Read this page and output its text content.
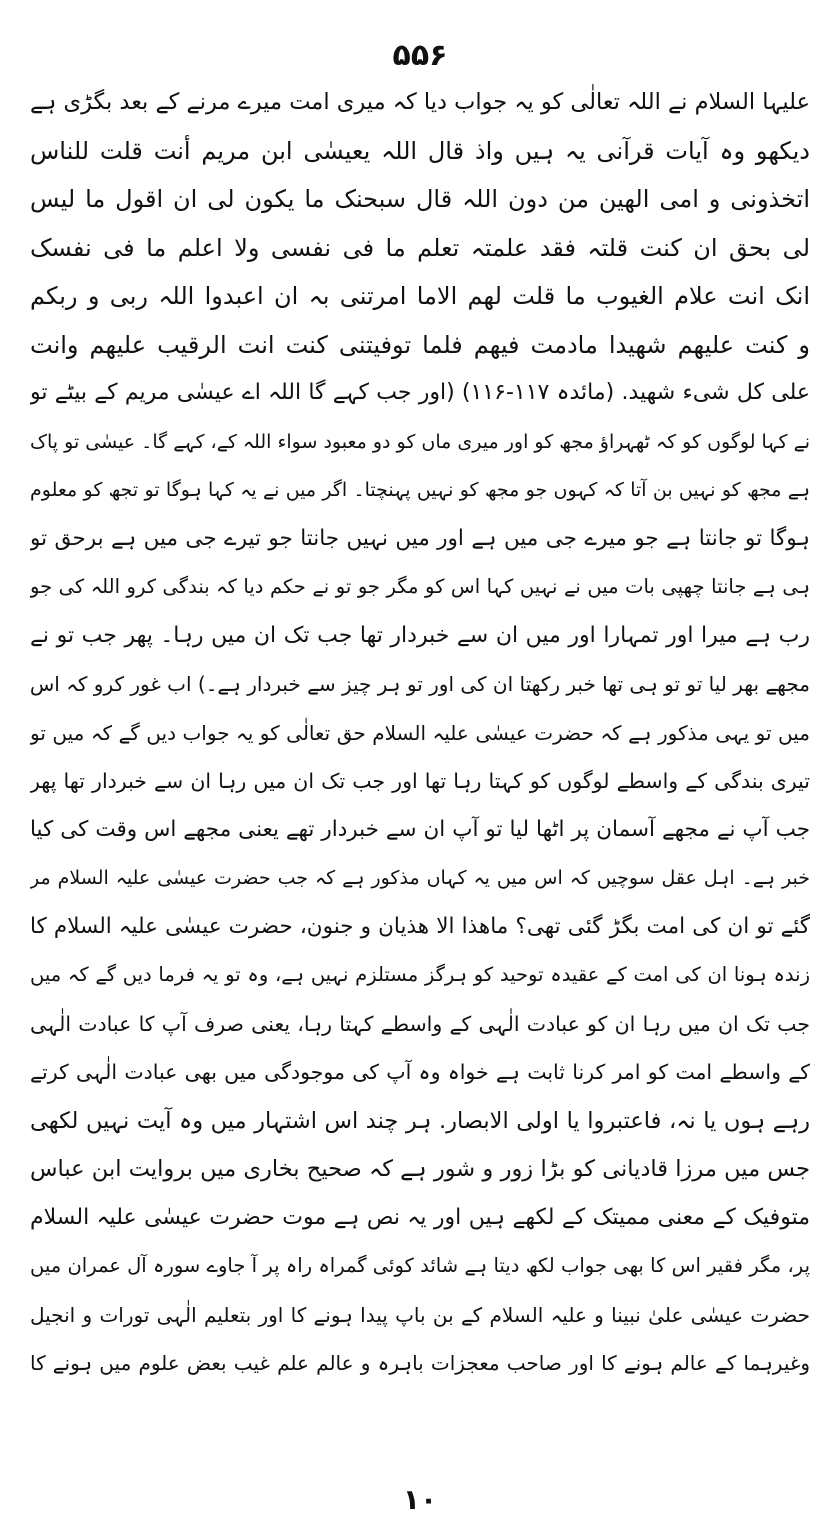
۵۵۶
علیہا السلام نے اللہ تعالٰی کو یہ جواب دیا کہ میری امت میرے مرنے کے بعد بگڑی ہے
دیکھو وہ آیات قرآنی یہ ہیں واذ قال اللہ یعیسٰی ابن مریم أنت قلت للناس
اتخذونی و امی الھین من دون اللہ قال سبحنک ما یکون لی ان اقول ما لیس
لی بحق ان کنت قلتہ فقد علمتہ تعلم ما فی نفسی ولا اعلم ما فی نفسک
انک انت علام الغیوب ما قلت لھم الاما امرتنی بہ ان اعبدوا اللہ ربی و ربکم
و کنت علیھم شھیدا مادمت فیھم فلما توفیتنی کنت انت الرقیب علیھم وانت
علی کل شیء شھید. (مائدہ ۱۱۷-۱۱۶) (اور جب کہے گا اللہ اے عیسٰی مریم کے بیٹے تو
نے کہا لوگوں کو کہ ٹھہراؤ مجھ کو اور میری ماں کو دو معبود سواء اللہ کے، کہے گا۔ عیسٰی تو پاک
ہے مجھ کو نہیں بن آتا کہ کہوں جو مجھ کو نہیں پہنچتا۔ اگر میں نے یہ کہا ہوگا تو تجھ کو معلوم
ہوگا تو جانتا ہے جو میرے جی میں ہے اور میں نہیں جانتا جو تیرے جی میں ہے برحق تو
ہی ہے جانتا چھپی بات میں نے نہیں کہا اس کو مگر جو تو نے حکم دیا کہ بندگی کرو اللہ کی جو
رب ہے میرا اور تمہارا اور میں ان سے خبردار تھا جب تک ان میں رہا۔ پھر جب تو نے
مجھے بھر لیا تو تو ہی تھا خبر رکھتا ان کی اور تو ہر چیز سے خبردار ہے۔) اب غور کرو کہ اس
میں تو یہی مذکور ہے کہ حضرت عیسٰی علیہ السلام حق تعالٰی کو یہ جواب دیں گے کہ میں تو
تیری بندگی کے واسطے لوگوں کو کہتا رہا تھا اور جب تک ان میں رہا ان سے خبردار تھا پھر
جب آپ نے مجھے آسمان پر اٹھا لیا تو آپ ان سے خبردار تھے یعنی مجھے اس وقت کی کیا
خبر ہے۔ اہل عقل سوچیں کہ اس میں یہ کہاں مذکور ہے کہ جب حضرت عیسٰی علیہ السلام مر
گئے تو ان کی امت بگڑ گئی تھی؟ ماھذا الا ھذیان و جنون، حضرت عیسٰی علیہ السلام کا
زندہ ہونا ان کی امت کے عقیدہ توحید کو ہرگز مستلزم نہیں ہے، وہ تو یہ فرما دیں گے کہ میں
جب تک ان میں رہا ان کو عبادت الٰہی کے واسطے کہتا رہا، یعنی صرف آپ کا عبادت الٰہی
کے واسطے امت کو امر کرنا ثابت ہے خواہ وہ آپ کی موجودگی میں بھی عبادت الٰہی کرتے
رہے ہوں یا نہ، فاعتبروا یا اولی الابصار. ہر چند اس اشتہار میں وہ آیت نہیں لکھی
جس میں مرزا قادیانی کو بڑا زور و شور ہے کہ صحیح بخاری میں بروایت ابن عباس
متوفیک کے معنی ممیتک کے لکھے ہیں اور یہ نص ہے موت حضرت عیسٰی علیہ السلام
پر، مگر فقیر اس کا بھی جواب لکھ دیتا ہے شائد کوئی گمراہ راہ پر آ جاوے سورہ آل عمران میں
حضرت عیسٰی علیٰ نبینا و علیہ السلام کے بن باپ پیدا ہونے کا اور بتعلیم الٰہی تورات و انجیل
وغیرہما کے عالم ہونے کا اور صاحب معجزات باہرہ و عالم علم غیب بعض علوم میں ہونے کا
۱۰
